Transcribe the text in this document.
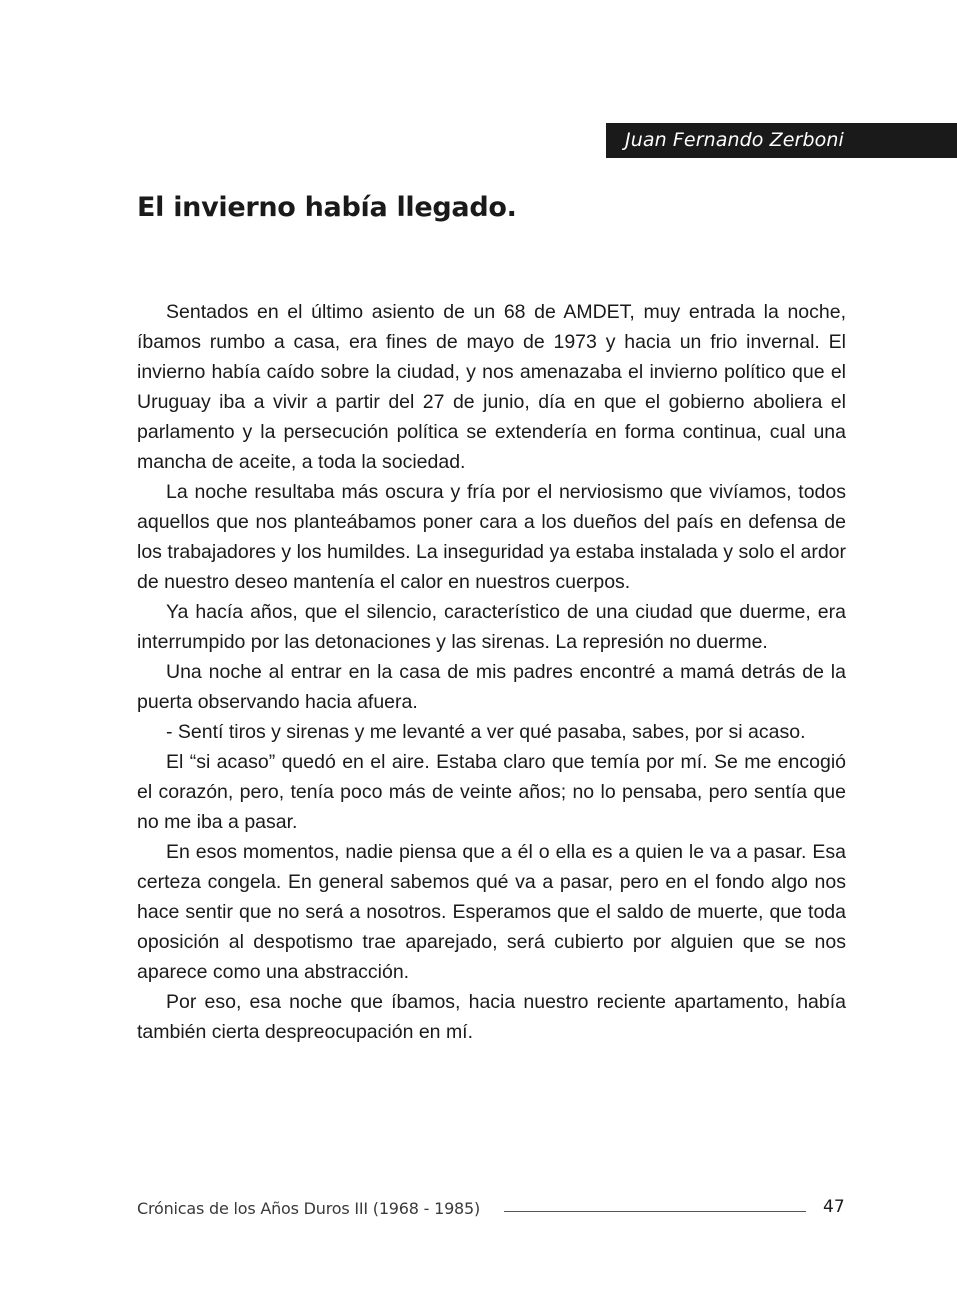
Juan Fernando Zerboni
El invierno había llegado.

Sentados en el último asiento de un 68 de AMDET, muy entrada la noche, íbamos rumbo a casa, era fines de mayo de 1973 y hacia un frio invernal. El invierno había caído sobre la ciudad, y nos amenazaba el invierno político que el Uruguay iba a vivir a partir del 27 de junio, día en que el gobierno aboliera el parlamento y la persecución política se extendería en forma continua, cual una mancha de aceite, a toda la sociedad.

La noche resultaba más oscura y fría por el nerviosismo que vivíamos, todos aquellos que nos planteábamos poner cara a los dueños del país en defensa de los trabajadores y los humildes. La inseguridad ya estaba instalada y solo el ardor de nuestro deseo mantenía el calor en nuestros cuerpos.

Ya hacía años, que el silencio, característico de una ciudad que duerme, era interrumpido por las detonaciones y las sirenas. La represión no duerme.

Una noche al entrar en la casa de mis padres encontré a mamá detrás de la puerta observando hacia afuera.

- Sentí tiros y sirenas y me levanté a ver qué pasaba, sabes, por si acaso.

El “si acaso” quedó en el aire. Estaba claro que temía por mí. Se me encogió el corazón, pero, tenía poco más de veinte años; no lo pensaba, pero sentía que no me iba a pasar.

En esos momentos, nadie piensa que a él o ella es a quien le va a pasar. Esa certeza congela. En general sabemos qué va a pasar, pero en el fondo algo nos hace sentir que no será a nosotros. Esperamos que el saldo de muerte, que toda oposición al despotismo trae aparejado, será cubierto por alguien que se nos aparece como una abstracción.

Por eso, esa noche que íbamos, hacia nuestro reciente apartamento, había también cierta despreocupación en mí.

Crónicas de los Años Duros III (1968 - 1985)	47
